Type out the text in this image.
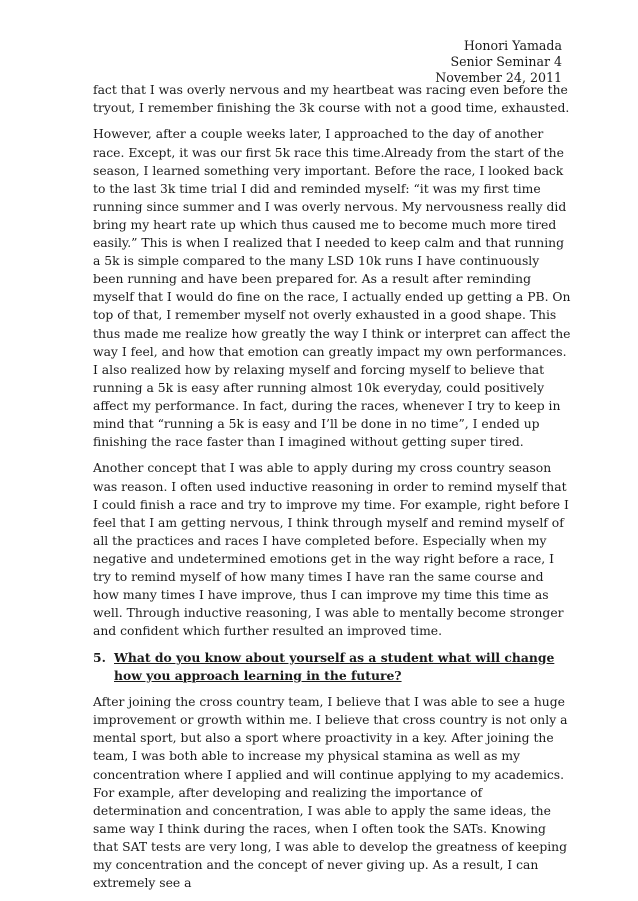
Honori Yamada
Senior Seminar 4
November 24, 2011

fact that I was overly nervous and my heartbeat was racing even before the tryout, I remember finishing the 3k course with not a good time, exhausted.

However, after a couple weeks later, I approached to the day of another race. Except, it was our first 5k race this time.Already from the start of the season, I learned something very important. Before the race, I looked back to the last 3k time trial I did and reminded myself: “it was my first time running since summer and I was overly nervous. My nervousness really did bring my heart rate up which thus caused me to become much more tired easily.” This is when I realized that I needed to keep calm and that running a 5k is simple compared to the many LSD 10k runs I have continuously been running and have been prepared for. As a result after reminding myself that I would do fine on the race, I actually ended up getting a PB. On top of that, I remember myself not overly exhausted in a good shape. This thus made me realize how greatly the way I think or interpret can affect the way I feel, and how that emotion can greatly impact my own performances. I also realized how by relaxing myself and forcing myself to believe that running a 5k is easy after running almost 10k everyday, could positively affect my performance. In fact, during the races, whenever I try to keep in mind that “running a 5k is easy and I’ll be done in no time”, I ended up finishing the race faster than I imagined without getting super tired.

Another concept that I was able to apply during my cross country season was reason. I often used inductive reasoning in order to remind myself that I could finish a race and try to improve my time. For example, right before I feel that I am getting nervous, I think through myself and remind myself of all the practices and races I have completed before. Especially when my negative and undetermined emotions get in the way right before a race, I try to remind myself of how many times I have ran the same course and how many times I have improve, thus I can improve my time this time as well. Through inductive reasoning, I was able to mentally become stronger and confident which further resulted an improved time.

5. What do you know about yourself as a student what will change how you approach learning in the future?

After joining the cross country team, I believe that I was able to see a huge improvement or growth within me. I believe that cross country is not only a mental sport, but also a sport where proactivity in a key. After joining the team, I was both able to increase my physical stamina as well as my concentration where I applied and will continue applying to my academics. For example, after developing and realizing the importance of determination and concentration, I was able to apply the same ideas, the same way I think during the races, when I often took the SATs. Knowing that SAT tests are very long, I was able to develop the greatness of keeping my concentration and the concept of never giving up. As a result, I can extremely see a
